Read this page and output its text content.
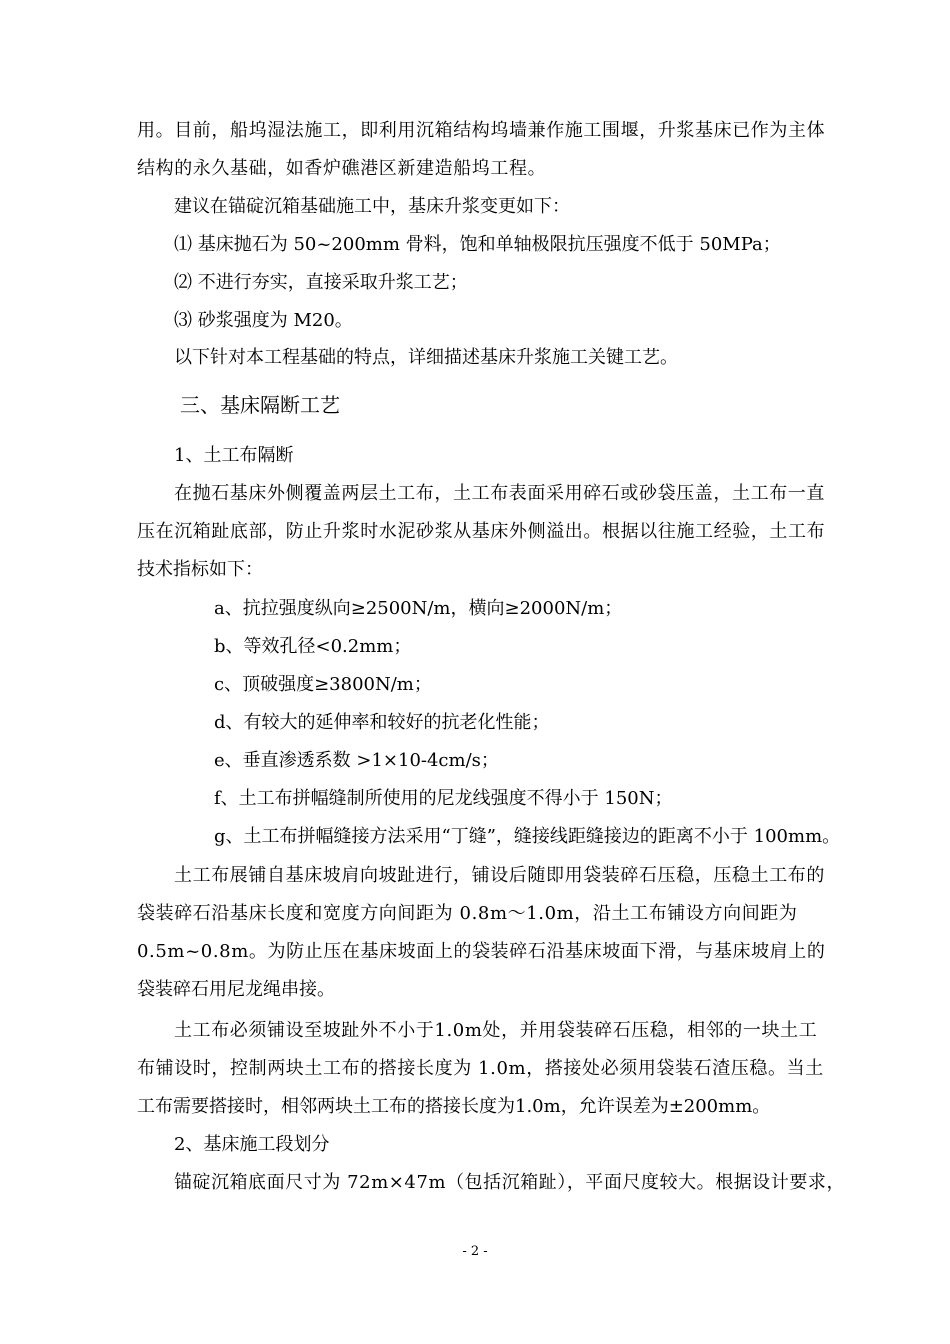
用。目前，船坞湿法施工，即利用沉箱结构坞墙兼作施工围堰，升浆基床已作为主体
结构的永久基础，如香炉礁港区新建造船坞工程。
建议在锚碇沉箱基础施工中，基床升浆变更如下：
⑴ 基床抛石为 50~200mm 骨料，饱和单轴极限抗压强度不低于 50MPa；
⑵ 不进行夯实，直接采取升浆工艺；
⑶ 砂浆强度为 M20。
以下针对本工程基础的特点，详细描述基床升浆施工关键工艺。
三、基床隔断工艺
1、土工布隔断
在抛石基床外侧覆盖两层土工布，土工布表面采用碎石或砂袋压盖，土工布一直
压在沉箱趾底部，防止升浆时水泥砂浆从基床外侧溢出。根据以往施工经验，土工布
技术指标如下：
a、抗拉强度纵向≥2500N/m，横向≥2000N/m；
b、等效孔径<0.2mm；
c、顶破强度≥3800N/m；
d、有较大的延伸率和较好的抗老化性能；
e、垂直渗透系数 >1×10-4cm/s；
f、土工布拼幅缝制所使用的尼龙线强度不得小于 150N；
g、土工布拼幅缝接方法采用“丁缝”，缝接线距缝接边的距离不小于 100mm。
土工布展铺自基床坡肩向坡趾进行，铺设后随即用袋装碎石压稳，压稳土工布的
袋装碎石沿基床长度和宽度方向间距为 0.8m～1.0m，沿土工布铺设方向间距为
0.5m~0.8m。为防止压在基床坡面上的袋装碎石沿基床坡面下滑，与基床坡肩上的
袋装碎石用尼龙绳串接。
土工布必须铺设至坡趾外不小于1.0m处，并用袋装碎石压稳，相邻的一块土工
布铺设时，控制两块土工布的搭接长度为 1.0m，搭接处必须用袋装石渣压稳。当土
工布需要搭接时，相邻两块土工布的搭接长度为1.0m，允许误差为±200mm。
2、基床施工段划分
锚碇沉箱底面尺寸为 72m×47m（包括沉箱趾），平面尺度较大。根据设计要求，
- 2 -
